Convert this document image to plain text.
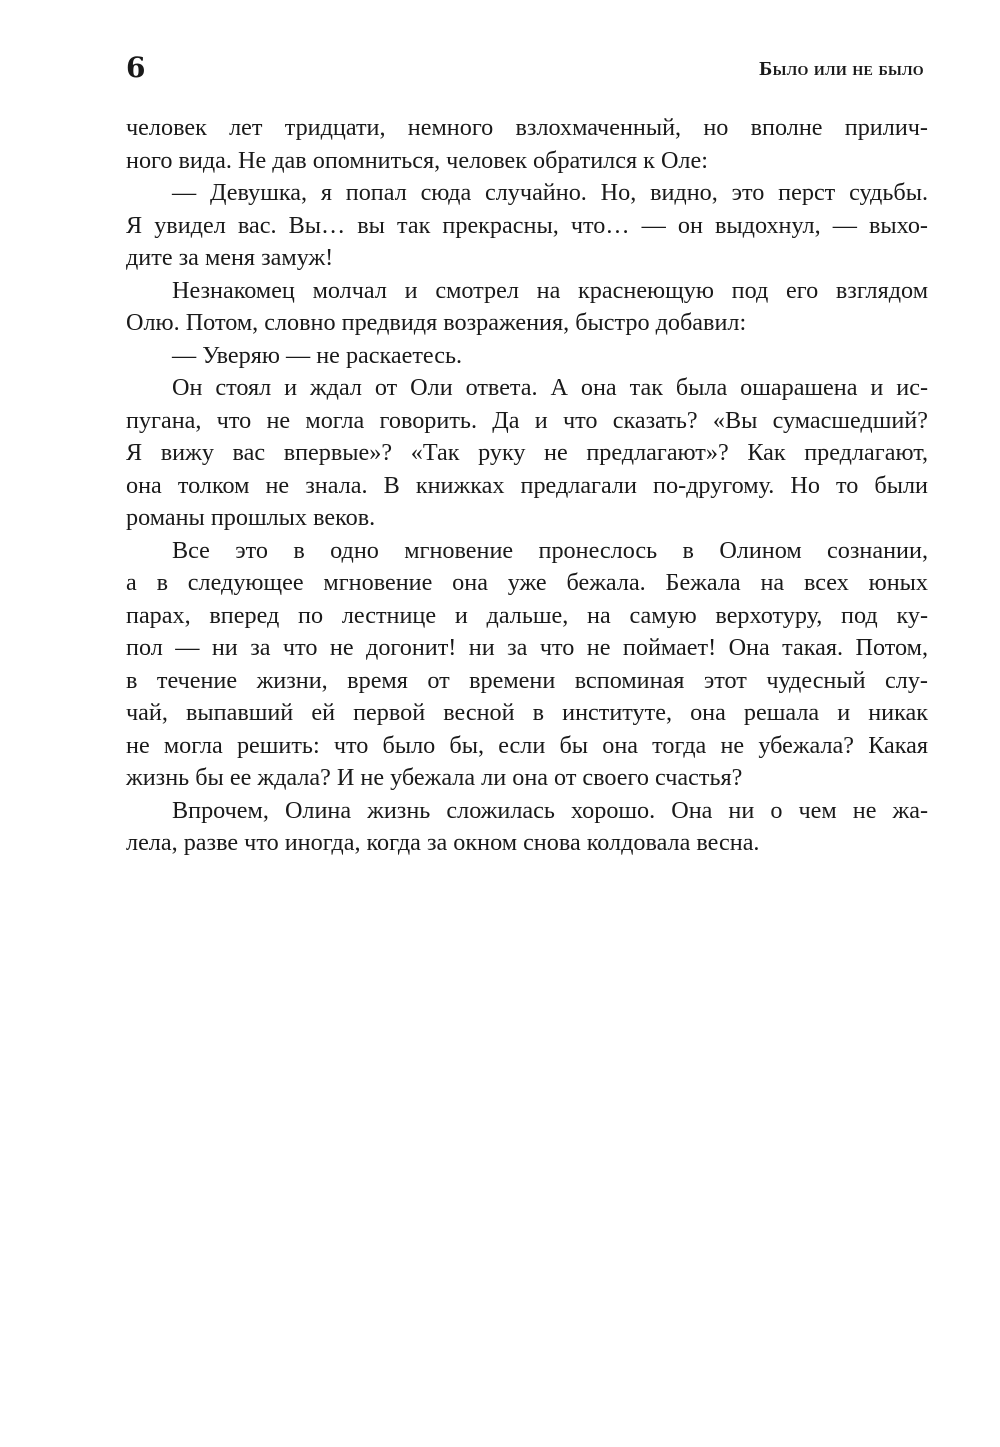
6	Было или не было
человек лет тридцати, немного взлохмаченный, но вполне прилич-
ного вида. Не дав опомниться, человек обратился к Оле:
— Девушка, я попал сюда случайно. Но, видно, это перст судьбы.
Я увидел вас. Вы… вы так прекрасны, что… — он выдохнул, — выхо-
дите за меня замуж!
Незнакомец молчал и смотрел на краснеющую под его взглядом
Олю. Потом, словно предвидя возражения, быстро добавил:
— Уверяю — не раскаетесь.
Он стоял и ждал от Оли ответа. А она так была ошарашена и ис-
пугана, что не могла говорить. Да и что сказать? «Вы сумасшедший?
Я вижу вас впервые»? «Так руку не предлагают»? Как предлагают,
она толком не знала. В книжках предлагали по-другому. Но то были
романы прошлых веков.
Все это в одно мгновение пронеслось в Олином сознании,
а в следующее мгновение она уже бежала. Бежала на всех юных
парах, вперед по лестнице и дальше, на самую верхотуру, под ку-
пол — ни за что не догонит! ни за что не поймает! Она такая. Потом,
в течение жизни, время от времени вспоминая этот чудесный слу-
чай, выпавший ей первой весной в институте, она решала и никак
не могла решить: что было бы, если бы она тогда не убежала? Какая
жизнь бы ее ждала? И не убежала ли она от своего счастья?
Впрочем, Олина жизнь сложилась хорошо. Она ни о чем не жа-
лела, разве что иногда, когда за окном снова колдовала весна.
